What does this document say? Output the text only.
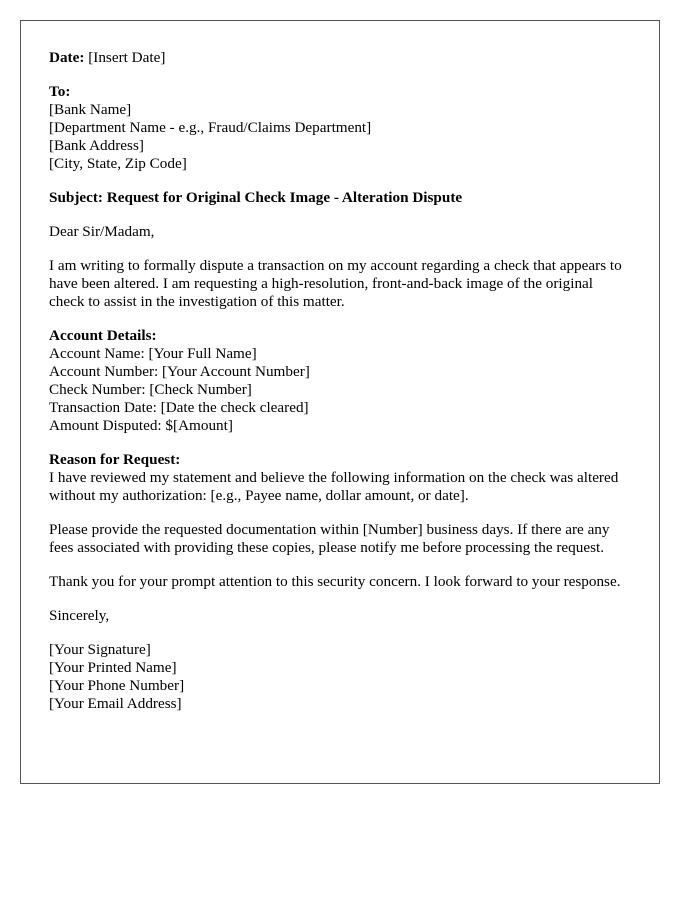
Date: [Insert Date]
To:
[Bank Name]
[Department Name - e.g., Fraud/Claims Department]
[Bank Address]
[City, State, Zip Code]
Subject: Request for Original Check Image - Alteration Dispute
Dear Sir/Madam,
I am writing to formally dispute a transaction on my account regarding a check that appears to have been altered. I am requesting a high-resolution, front-and-back image of the original check to assist in the investigation of this matter.
Account Details:
Account Name: [Your Full Name]
Account Number: [Your Account Number]
Check Number: [Check Number]
Transaction Date: [Date the check cleared]
Amount Disputed: $[Amount]
Reason for Request:
I have reviewed my statement and believe the following information on the check was altered without my authorization: [e.g., Payee name, dollar amount, or date].
Please provide the requested documentation within [Number] business days. If there are any fees associated with providing these copies, please notify me before processing the request.
Thank you for your prompt attention to this security concern. I look forward to your response.
Sincerely,
[Your Signature]
[Your Printed Name]
[Your Phone Number]
[Your Email Address]
